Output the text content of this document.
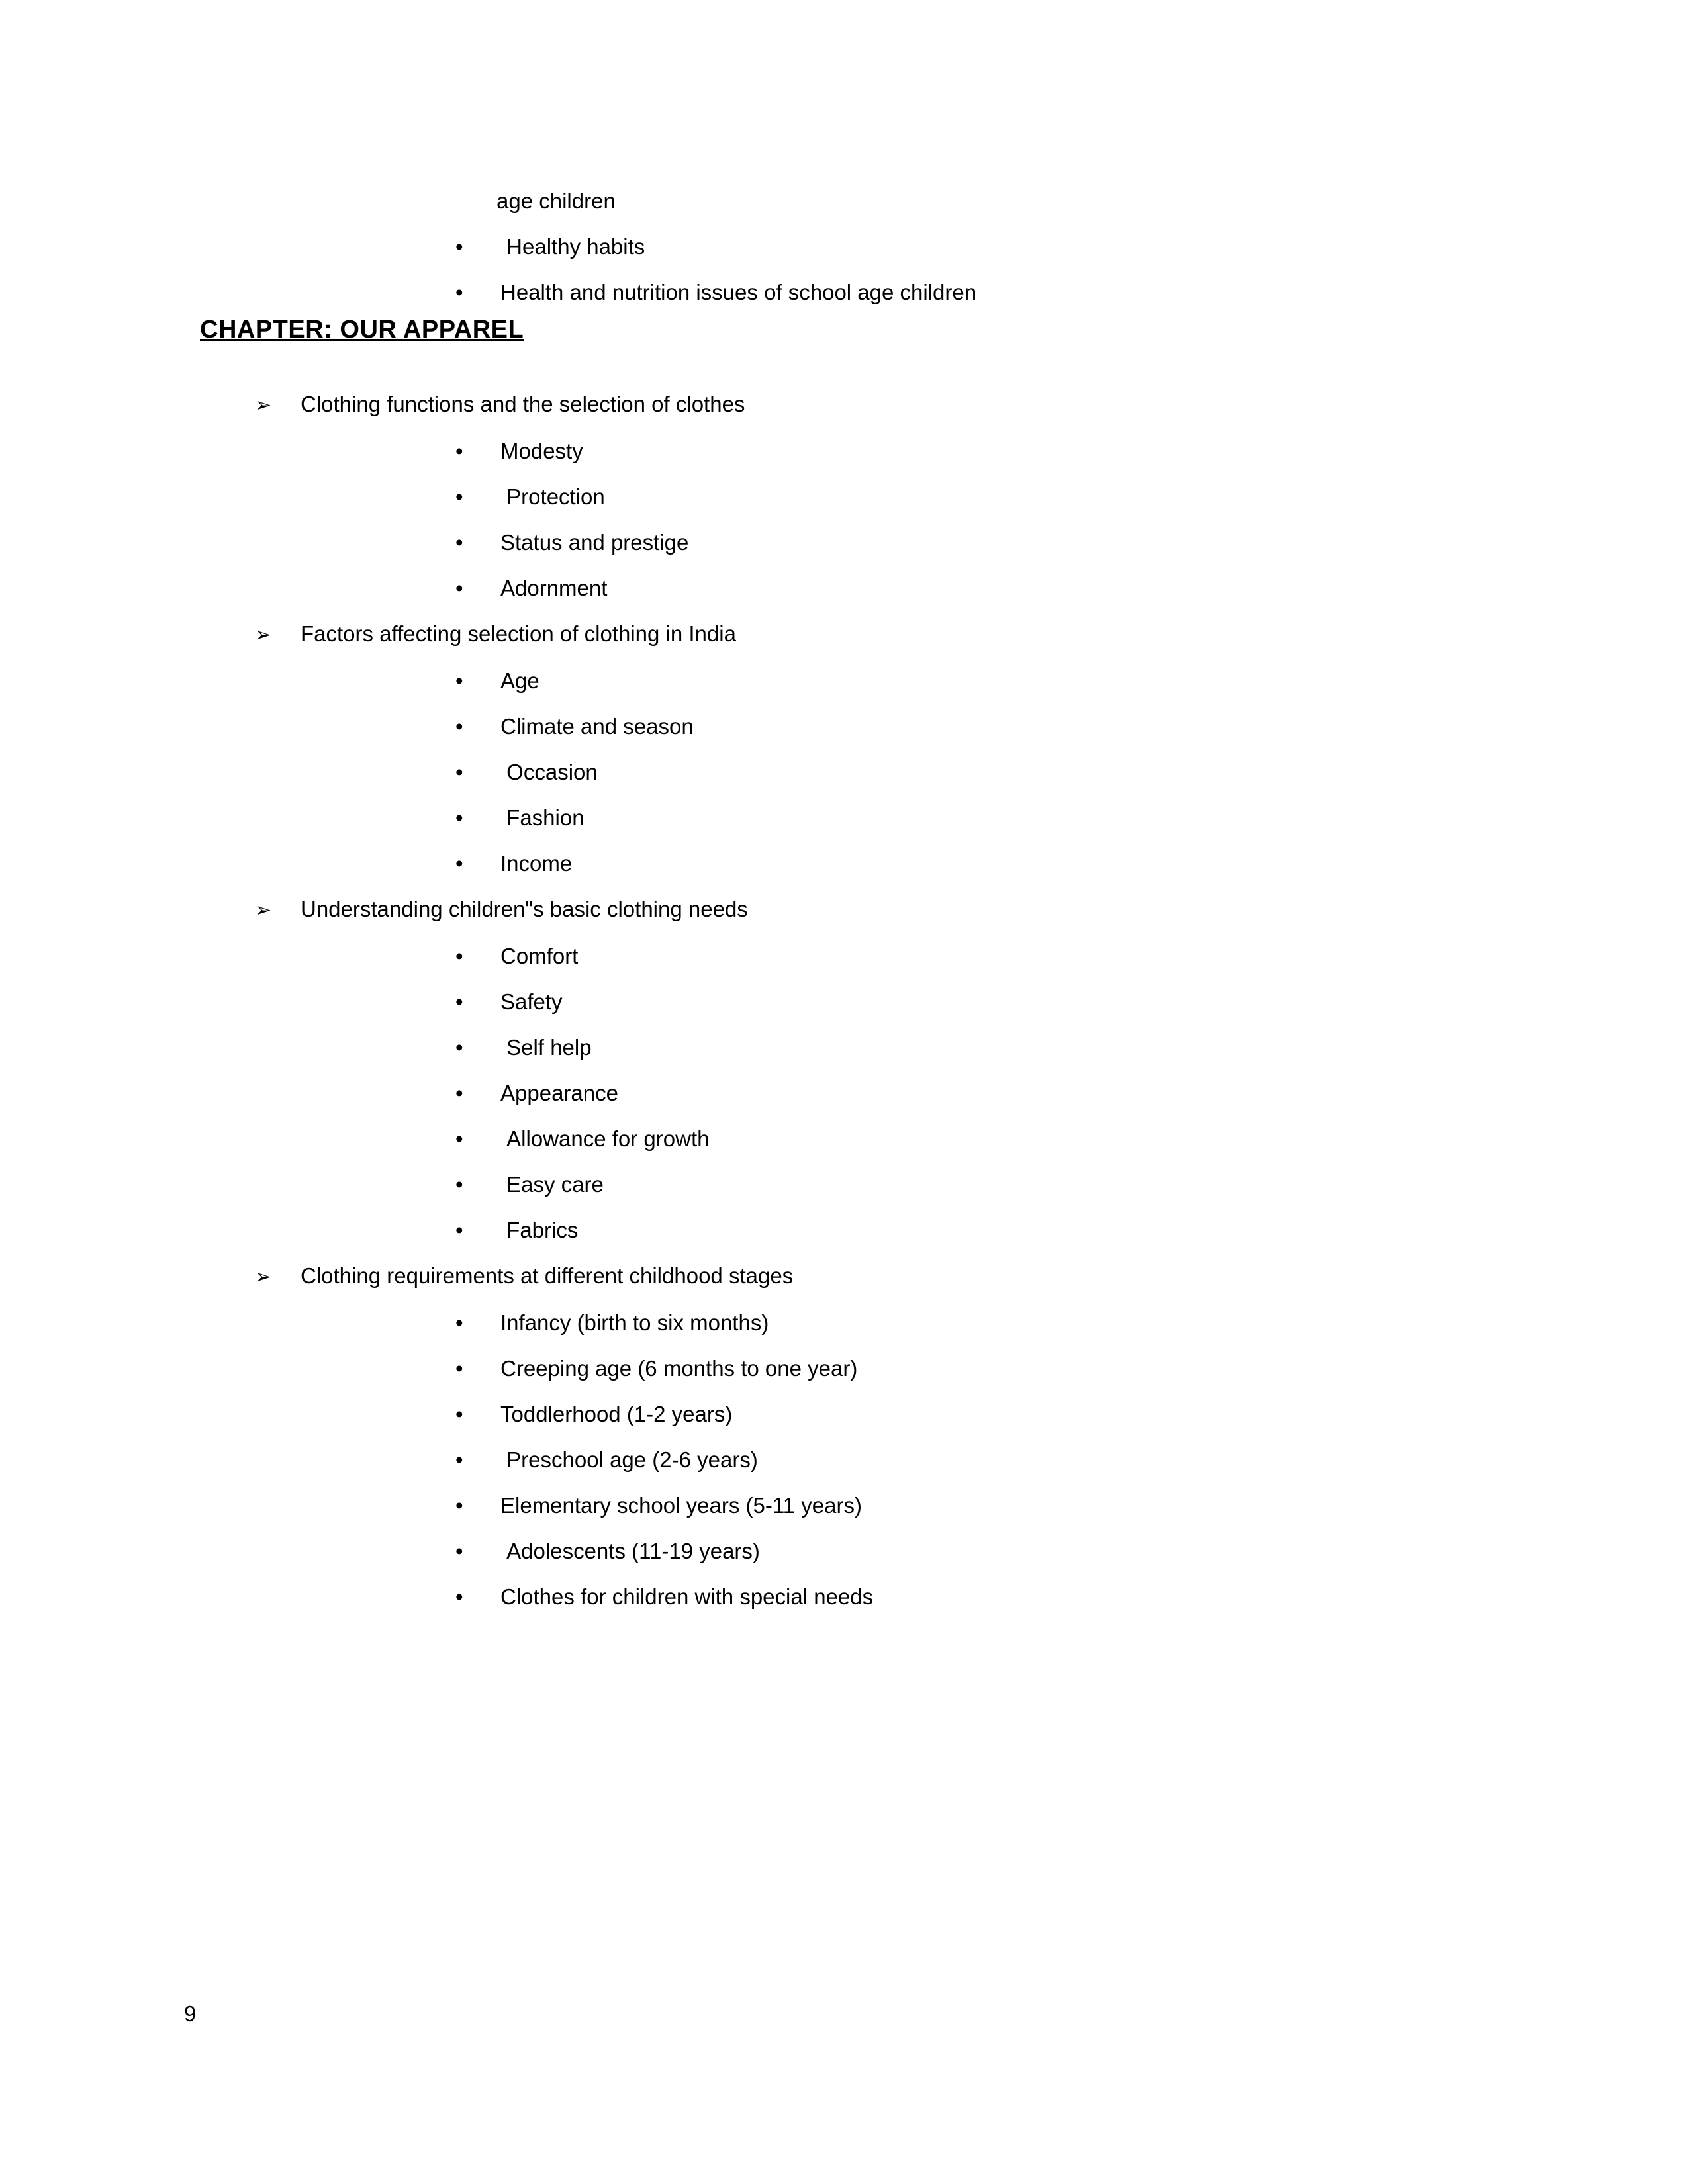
age children
•	Healthy habits
•	Health and nutrition issues of school age children
CHAPTER: OUR APPAREL
➢	Clothing functions and the selection of clothes
•	Modesty
•	Protection
•	Status and prestige
•	Adornment
➢	Factors affecting selection of clothing in India
•	Age
•	Climate and season
•	Occasion
•	Fashion
•	Income
➢	Understanding children"s basic clothing needs
•	Comfort
•	Safety
•	Self help
•	Appearance
•	Allowance for growth
•	Easy care
•	Fabrics
➢	Clothing requirements at different childhood stages
•	Infancy (birth to six months)
•	Creeping age (6 months to one year)
•	Toddlerhood (1-2 years)
•	Preschool age (2-6 years)
•	Elementary school years (5-11 years)
•	Adolescents (11-19 years)
•	Clothes for children with special needs
9
